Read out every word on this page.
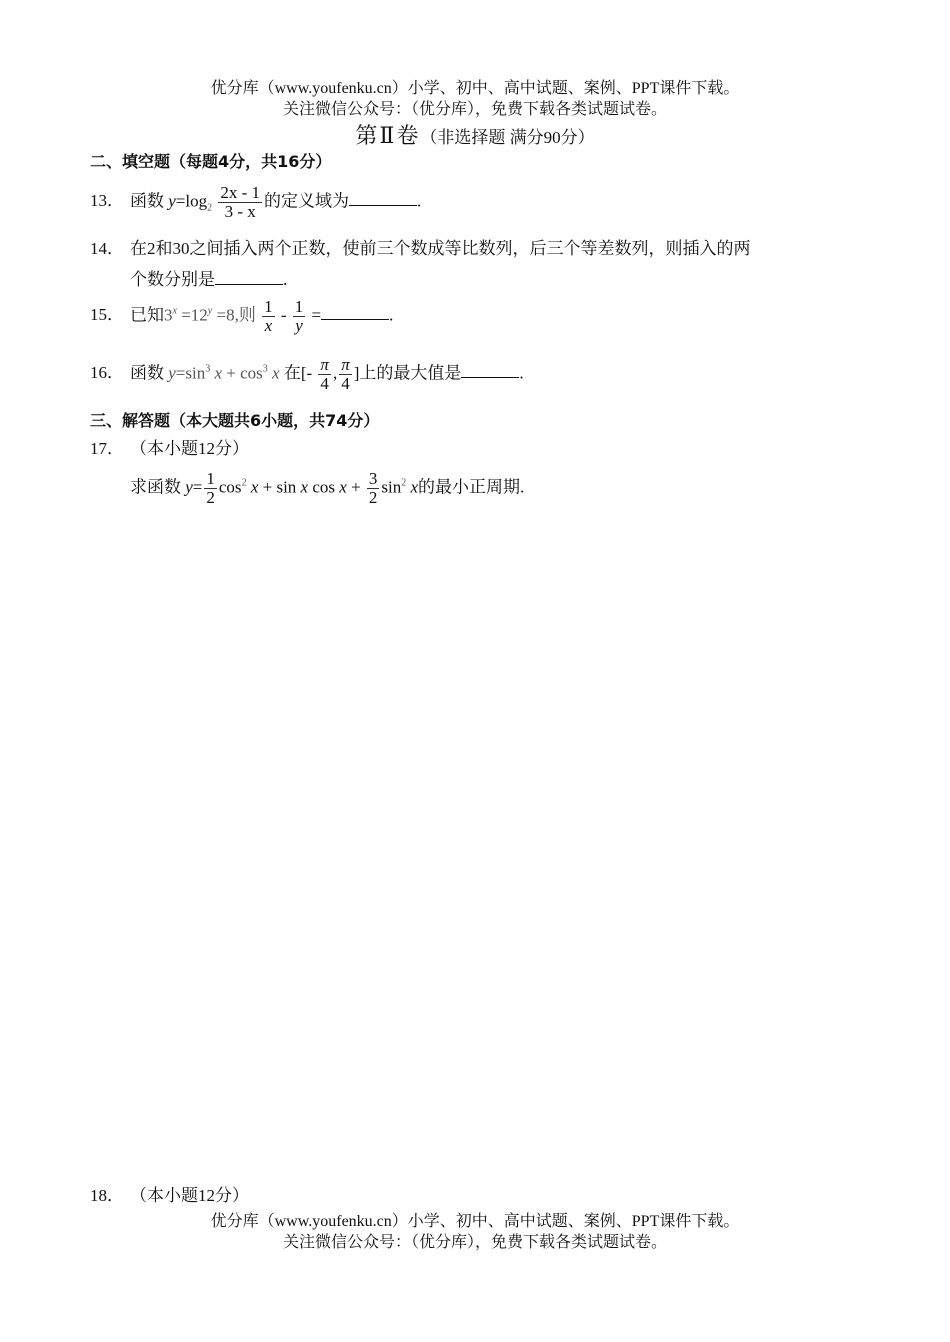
优分库（www.youfenku.cn）小学、初中、高中试题、案例、PPT课件下载。
关注微信公众号：（优分库），免费下载各类试题试卷。
第Ⅱ卷（非选择题 满分90分）
二、填空题（每题4分，共16分）
13． 函数 $y=\log_2 \frac{2x - 1}{3 - x}$ 的定义域为	.
14． 在2和30之间插入两个正数，使前三个数成等比数列，后三个等差数列，则插入的两
个数分别是	.
15． 已知$3^x =12^y =8$,则 $\frac{1}{x} - \frac{1}{y}$ =	.
16． 函数 $y=\sin^3$ $x + \cos^3 x$ 在[- $\frac{\pi}{4}$ , $\frac{\pi}{4}$ ]上的最大值是	.
三、解答题（本大题共6小题，共74分）
17． （本小题12分）
求函数 $y= \frac{1}{2} \cos^2 x + \sin x$ $\cos x + \frac{3}{2} \sin^2 x$的最小正周期.
18． （本小题12分）
优分库（www.youfenku.cn）小学、初中、高中试题、案例、PPT课件下载。
关注微信公众号：（优分库），免费下载各类试题试卷。
